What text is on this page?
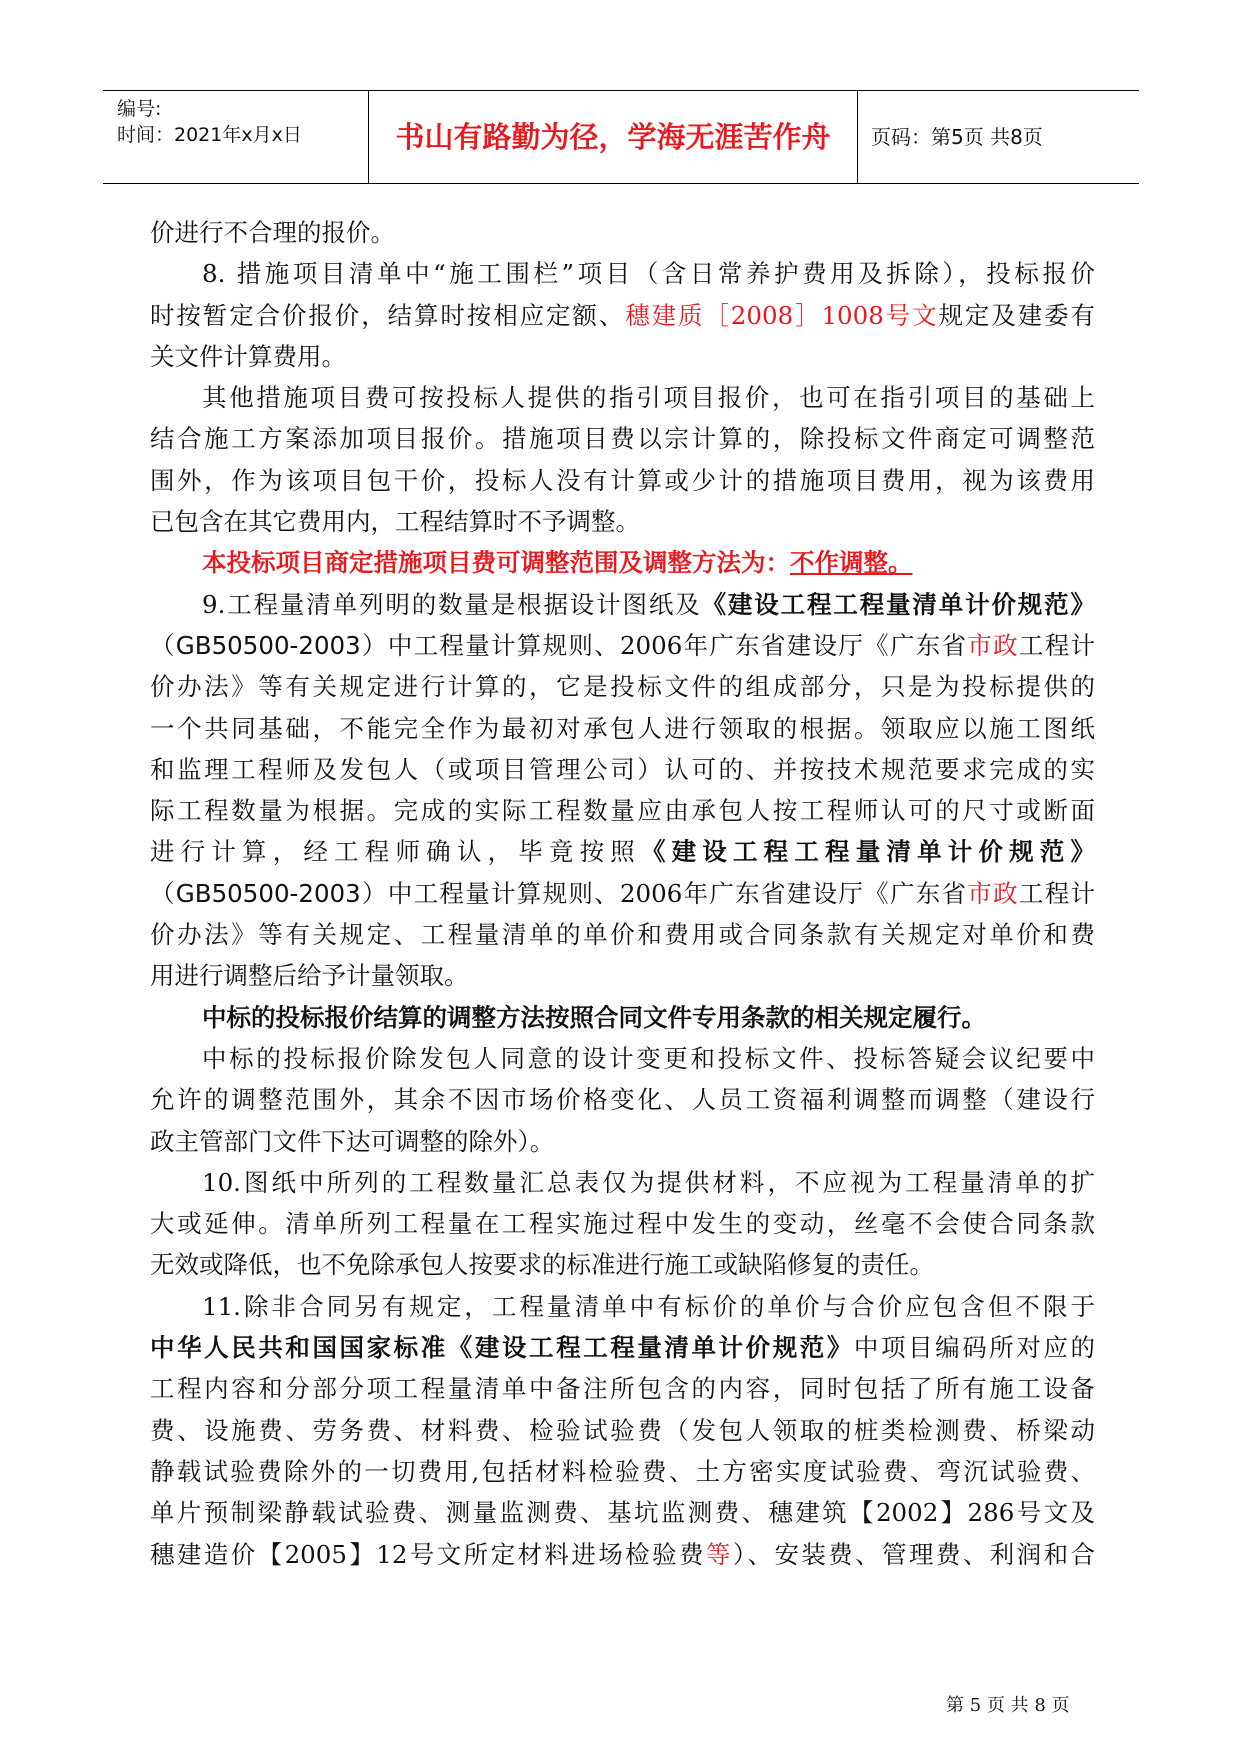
编号:
时间：2021年x月x日	书山有路勤为径，学海无涯苦作舟	页码：第5页 共8页
价进行不合理的报价。
8. 措施项目清单中“施工围栏”项目（含日常养护费用及拆除），投标报价
时按暂定合价报价，结算时按相应定额、穗建质［2008］1008号文规定及建委有
关文件计算费用。
其他措施项目费可按投标人提供的指引项目报价，也可在指引项目的基础上
结合施工方案添加项目报价。措施项目费以宗计算的，除投标文件商定可调整范
围外，作为该项目包干价，投标人没有计算或少计的措施项目费用，视为该费用
已包含在其它费用内，工程结算时不予调整。
本投标项目商定措施项目费可调整范围及调整方法为：不作调整。
9.工程量清单列明的数量是根据设计图纸及《建设工程工程量清单计价规范》
（GB50500-2003）中工程量计算规则、2006年广东省建设厅《广东省市政工程计
价办法》等有关规定进行计算的，它是投标文件的组成部分，只是为投标提供的
一个共同基础，不能完全作为最初对承包人进行领取的根据。领取应以施工图纸
和监理工程师及发包人（或项目管理公司）认可的、并按技术规范要求完成的实
际工程数量为根据。完成的实际工程数量应由承包人按工程师认可的尺寸或断面
进行计算，经工程师确认，毕竟按照《建设工程工程量清单计价规范》
（GB50500-2003）中工程量计算规则、2006年广东省建设厅《广东省市政工程计
价办法》等有关规定、工程量清单的单价和费用或合同条款有关规定对单价和费
用进行调整后给予计量领取。
中标的投标报价结算的调整方法按照合同文件专用条款的相关规定履行。
中标的投标报价除发包人同意的设计变更和投标文件、投标答疑会议纪要中
允许的调整范围外，其余不因市场价格变化、人员工资福利调整而调整（建设行
政主管部门文件下达可调整的除外）。
10.图纸中所列的工程数量汇总表仅为提供材料，不应视为工程量清单的扩
大或延伸。清单所列工程量在工程实施过程中发生的变动，丝毫不会使合同条款
无效或降低，也不免除承包人按要求的标准进行施工或缺陷修复的责任。
11.除非合同另有规定，工程量清单中有标价的单价与合价应包含但不限于
中华人民共和国国家标准《建设工程工程量清单计价规范》中项目编码所对应的
工程内容和分部分项工程量清单中备注所包含的内容，同时包括了所有施工设备
费、设施费、劳务费、材料费、检验试验费（发包人领取的桩类检测费、桥梁动
静载试验费除外的一切费用,包括材料检验费、土方密实度试验费、弯沉试验费、
单片预制梁静载试验费、测量监测费、基坑监测费、穗建筑【2002】286号文及
穗建造价【2005】12号文所定材料进场检验费等）、安装费、管理费、利润和合
第 5 页 共 8 页
